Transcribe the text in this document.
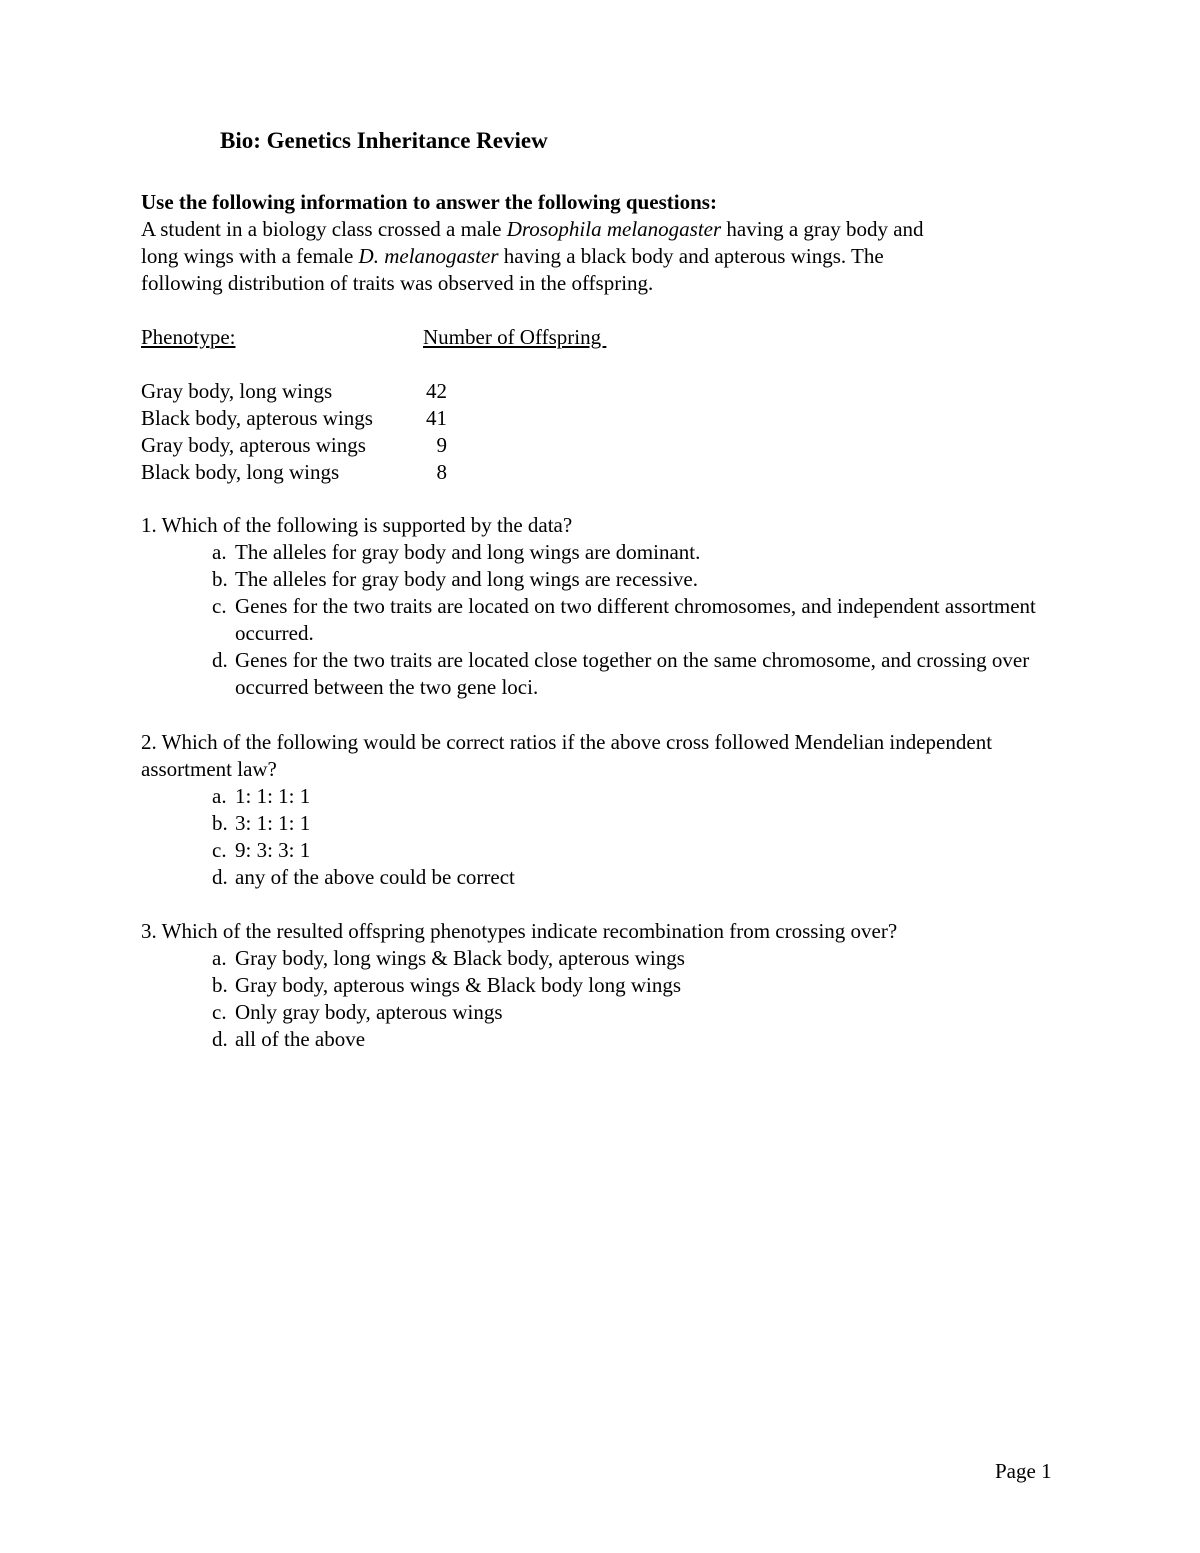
Bio: Genetics Inheritance Review
Use the following information to answer the following questions:
A student in a biology class crossed a male Drosophila melanogaster having a gray body and
long wings with a female D. melanogaster having a black body and apterous wings. The
following distribution of traits was observed in the offspring.
Phenotype:	Number of Offspring
Gray body, long wings	42
Black body, apterous wings	41
Gray body, apterous wings	9
Black body, long wings	8
1. Which of the following is supported by the data?
a. The alleles for gray body and long wings are dominant.
b. The alleles for gray body and long wings are recessive.
c. Genes for the two traits are located on two different chromosomes, and independent assortment occurred.
d. Genes for the two traits are located close together on the same chromosome, and crossing over occurred between the two gene loci.
2. Which of the following would be correct ratios if the above cross followed Mendelian independent assortment law?
a. 1: 1: 1: 1
b. 3: 1: 1: 1
c. 9: 3: 3: 1
d. any of the above could be correct
3. Which of the resulted offspring phenotypes indicate recombination from crossing over?
a. Gray body, long wings & Black body, apterous wings
b. Gray body, apterous wings & Black body long wings
c. Only gray body, apterous wings
d. all of the above
Page 1
